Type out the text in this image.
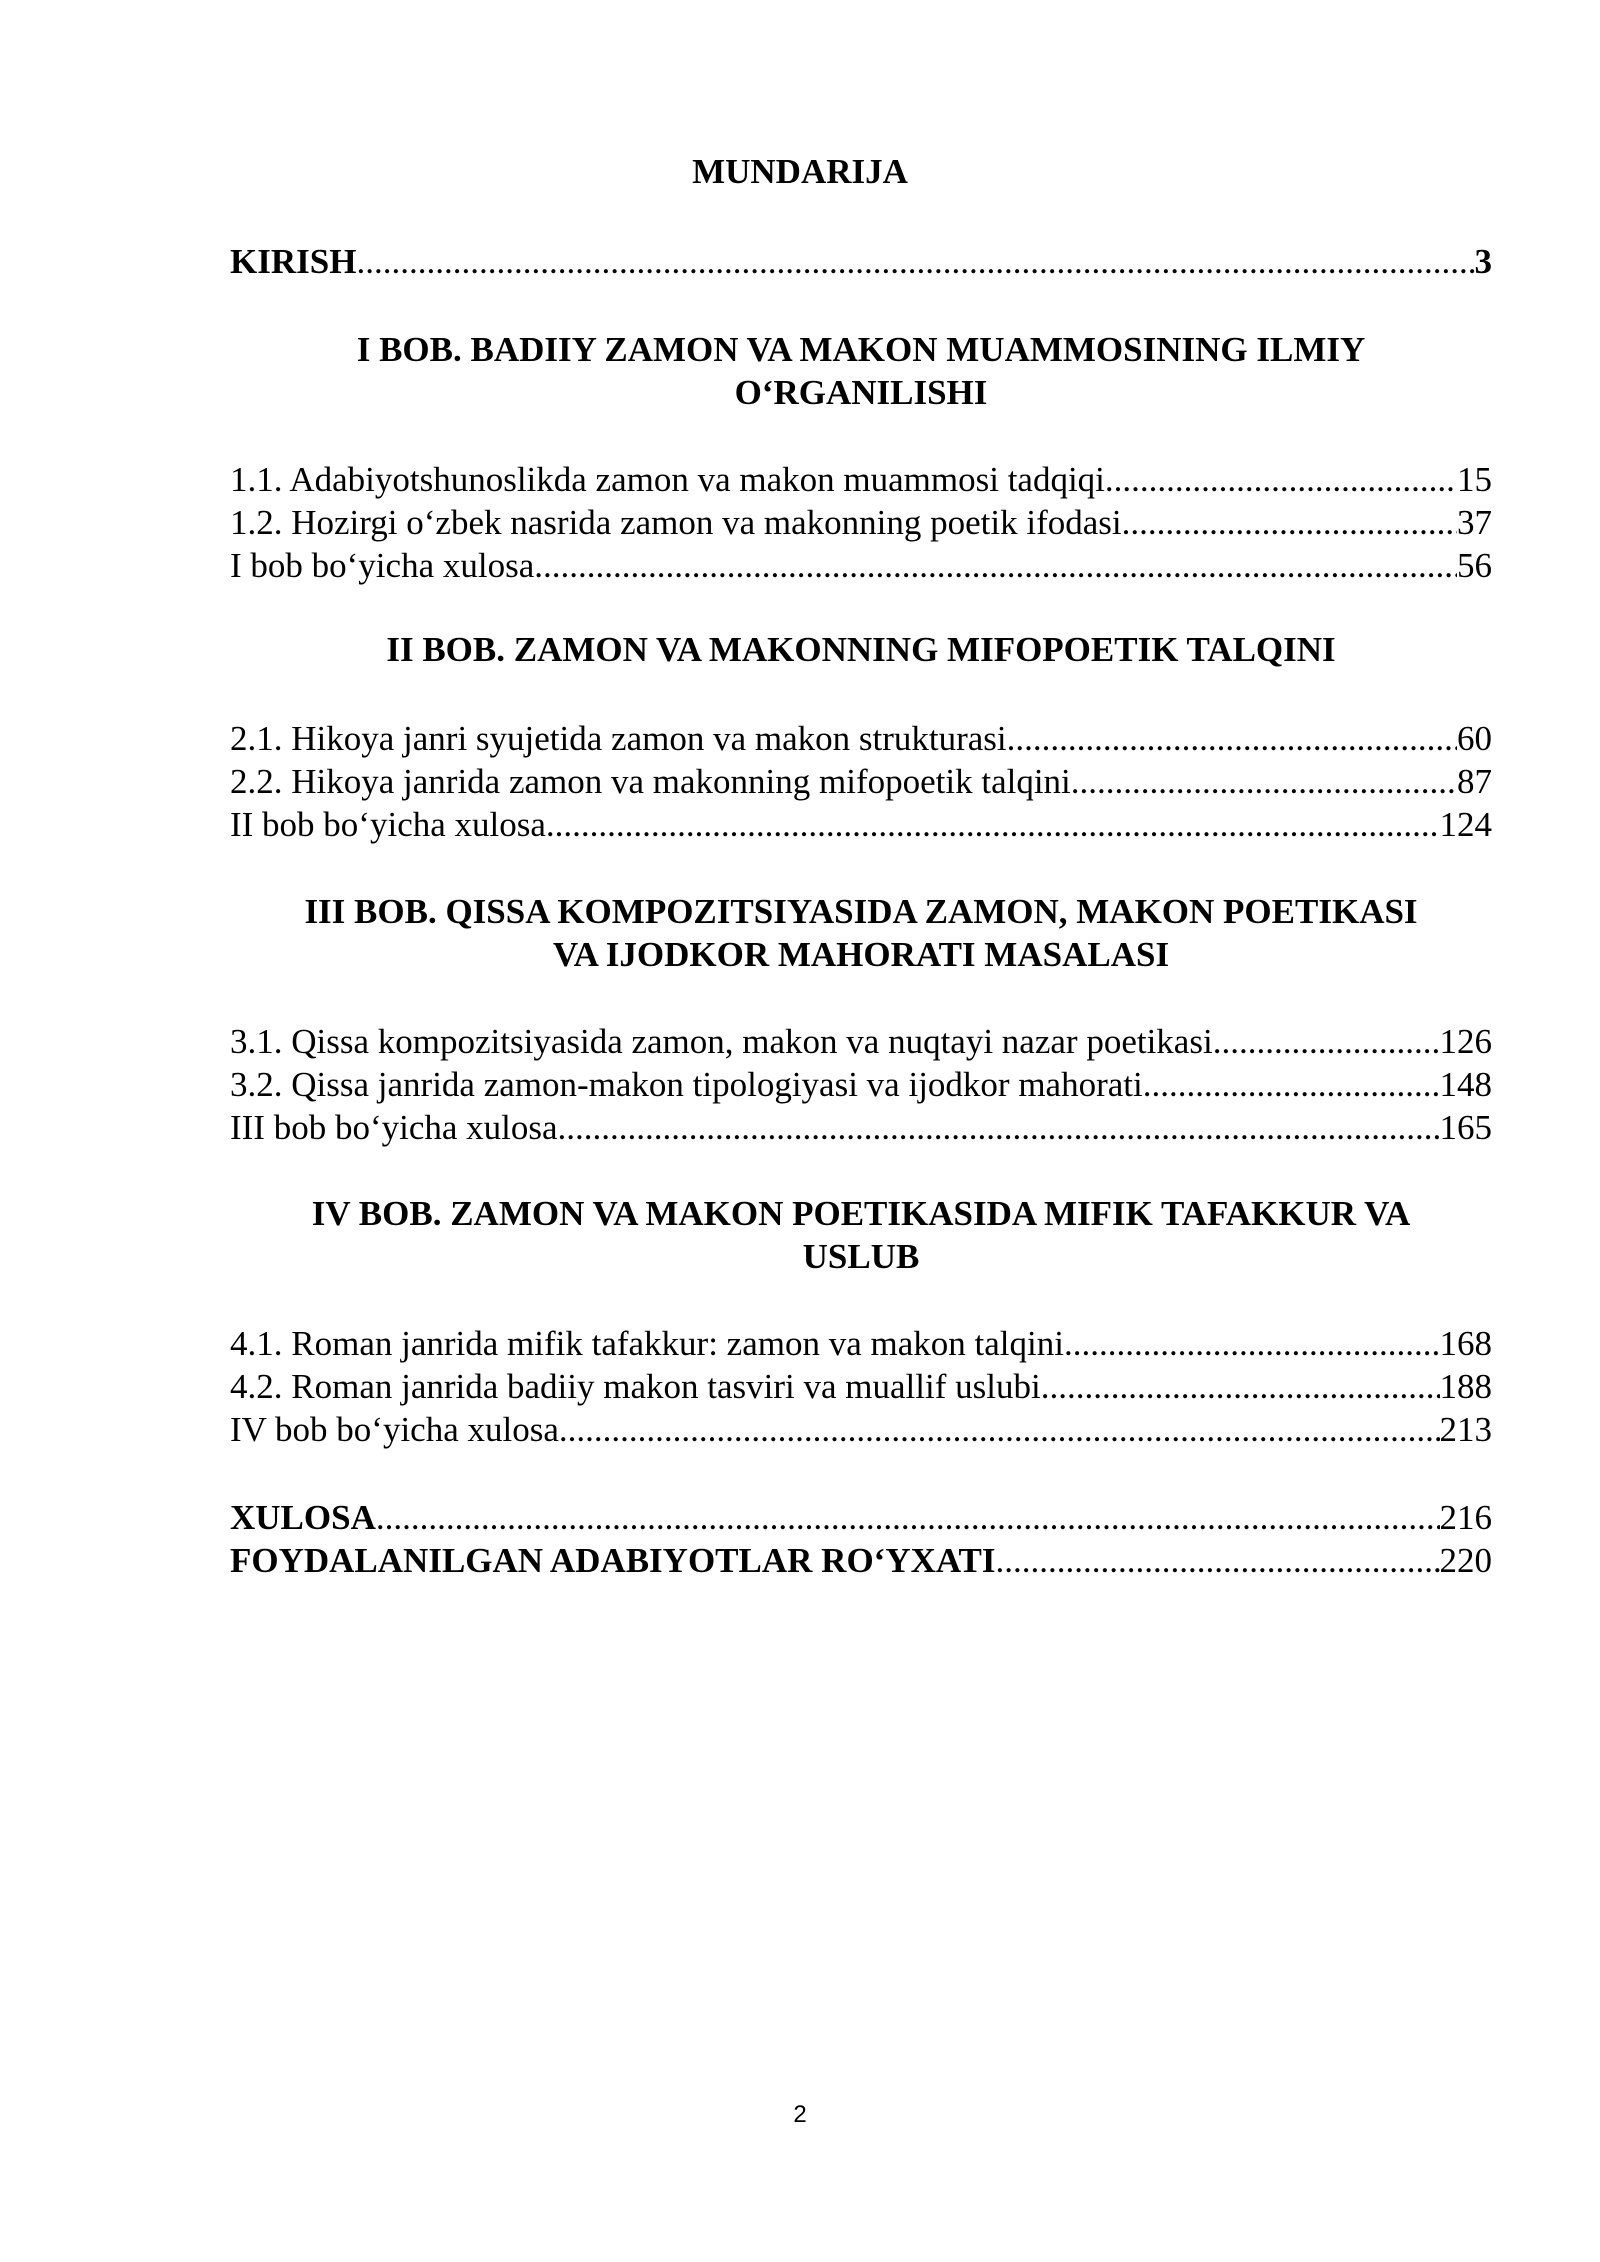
MUNDARIJA
KIRISH .....	3
I BOB. BADIIY ZAMON VA MAKON MUAMMOSINING ILMIY
O‘RGANILISHI
1.1. Adabiyotshunoslikda zamon va makon muammosi tadqiqi .....	15
1.2. Hozirgi o‘zbek nasrida zamon va makonning poetik ifodasi .....	37
I bob bo‘yicha xulosa .....	56
II BOB. ZAMON VA MAKONNING MIFOPOETIK TALQINI
2.1. Hikoya janri syujetida zamon va makon strukturasi .....	60
2.2. Hikoya janrida zamon va makonning mifopoetik talqini .....	87
II bob bo‘yicha xulosa .....	124
III BOB. QISSA KOMPOZITSIYASIDA ZAMON, MAKON POETIKASI
VA IJODKOR MAHORATI MASALASI
3.1. Qissa kompozitsiyasida zamon, makon va nuqtayi nazar poetikasi .....	126
3.2. Qissa janrida zamon-makon tipologiyasi va ijodkor mahorati .....	148
III bob bo‘yicha xulosa .....	165
IV BOB. ZAMON VA MAKON POETIKASIDA MIFIK TAFAKKUR VA
USLUB
4.1. Roman janrida mifik tafakkur: zamon va makon talqini .....	168
4.2. Roman janrida badiiy makon tasviri va muallif uslubi .....	188
IV bob bo‘yicha xulosa .....	213
XULOSA .....	216
FOYDALANILGAN ADABIYOTLAR RO‘YXATI .....	220
2
